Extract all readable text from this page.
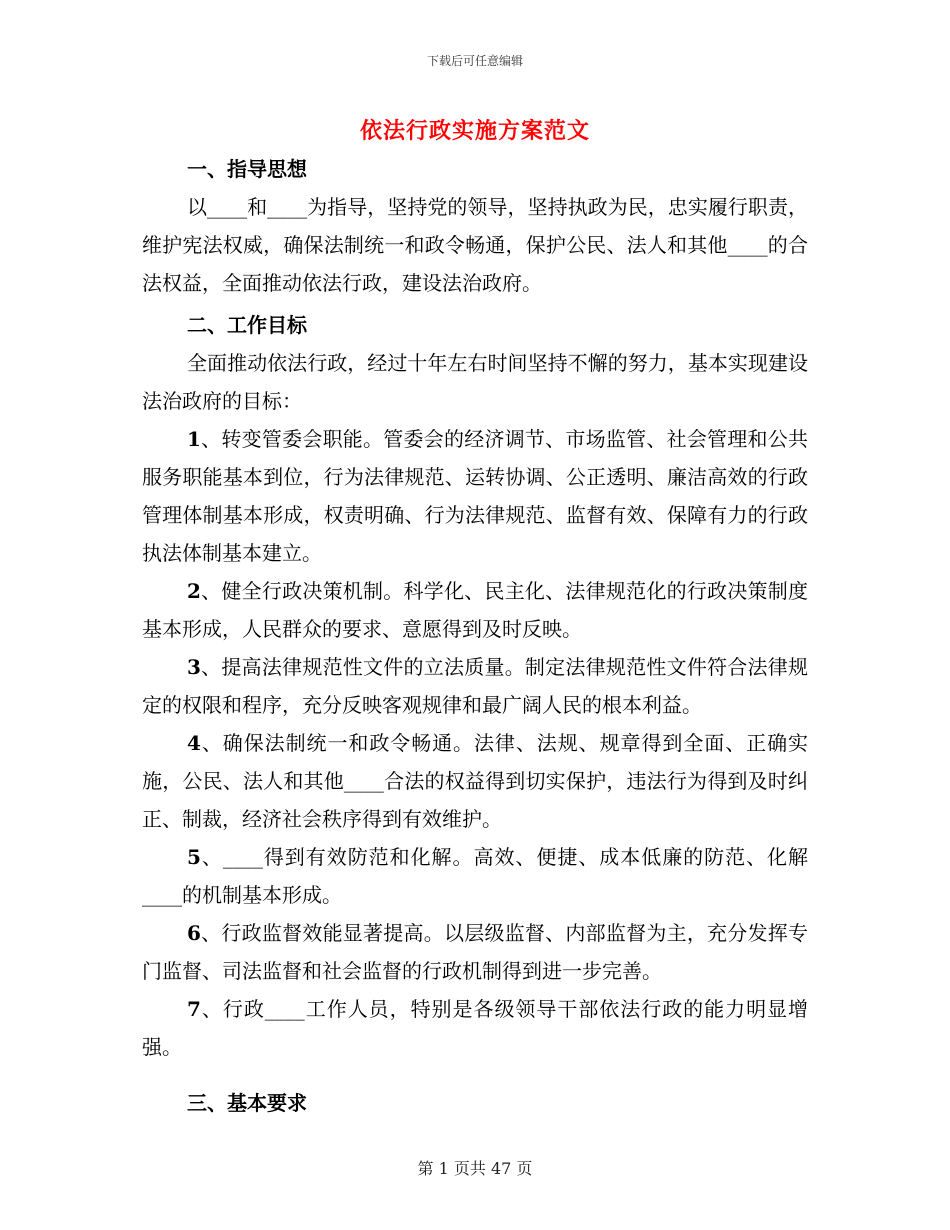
下载后可任意编辑
依法行政实施方案范文
一、指导思想

以____和____为指导，坚持党的领导，坚持执政为民，忠实履行职责，维护宪法权威，确保法制统一和政令畅通，保护公民、法人和其他____的合法权益，全面推动依法行政，建设法治政府。

二、工作目标

全面推动依法行政，经过十年左右时间坚持不懈的努力，基本实现建设法治政府的目标：

1、转变管委会职能。管委会的经济调节、市场监管、社会管理和公共服务职能基本到位，行为法律规范、运转协调、公正透明、廉洁高效的行政管理体制基本形成，权责明确、行为法律规范、监督有效、保障有力的行政执法体制基本建立。

2、健全行政决策机制。科学化、民主化、法律规范化的行政决策制度基本形成，人民群众的要求、意愿得到及时反映。

3、提高法律规范性文件的立法质量。制定法律规范性文件符合法律规定的权限和程序，充分反映客观规律和最广阔人民的根本利益。

4、确保法制统一和政令畅通。法律、法规、规章得到全面、正确实施，公民、法人和其他____合法的权益得到切实保护，违法行为得到及时纠正、制裁，经济社会秩序得到有效维护。

5、____得到有效防范和化解。高效、便捷、成本低廉的防范、化解____的机制基本形成。

6、行政监督效能显著提高。以层级监督、内部监督为主，充分发挥专门监督、司法监督和社会监督的行政机制得到进一步完善。

7、行政____工作人员，特别是各级领导干部依法行政的能力明显增强。

三、基本要求
第 1 页共 47 页
